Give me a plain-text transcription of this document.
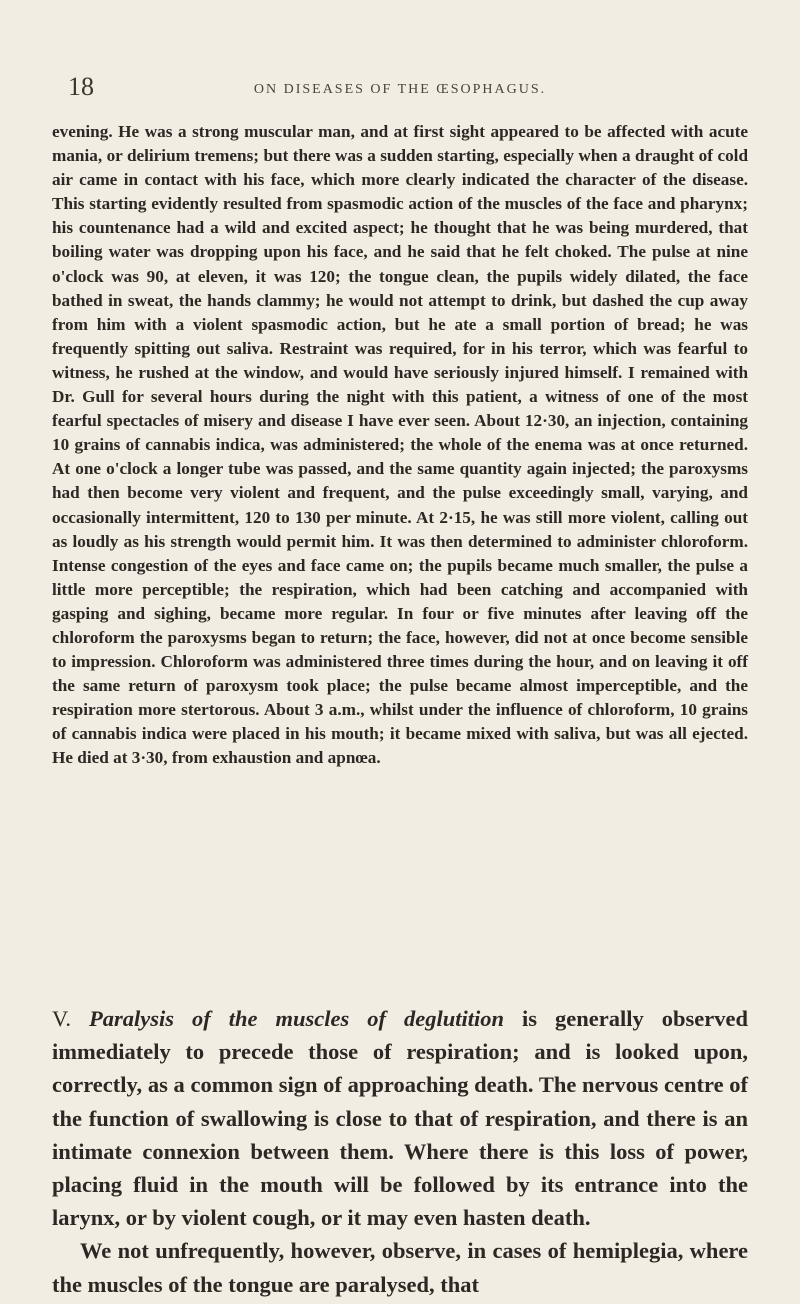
18	ON DISEASES OF THE ŒSOPHAGUS.

evening. He was a strong muscular man, and at first sight appeared to be affected with acute mania, or delirium tremens; but there was a sudden starting, especially when a draught of cold air came in contact with his face, which more clearly indicated the character of the disease. This starting evidently resulted from spasmodic action of the muscles of the face and pharynx; his countenance had a wild and excited aspect; he thought that he was being murdered, that boiling water was dropping upon his face, and he said that he felt choked. The pulse at nine o'clock was 90, at eleven, it was 120; the tongue clean, the pupils widely dilated, the face bathed in sweat, the hands clammy; he would not attempt to drink, but dashed the cup away from him with a violent spasmodic action, but he ate a small portion of bread; he was frequently spitting out saliva. Restraint was required, for in his terror, which was fearful to witness, he rushed at the window, and would have seriously injured himself. I remained with Dr. Gull for several hours during the night with this patient, a witness of one of the most fearful spectacles of misery and disease I have ever seen. About 12·30, an injection, containing 10 grains of cannabis indica, was administered; the whole of the enema was at once returned. At one o'clock a longer tube was passed, and the same quantity again injected; the paroxysms had then become very violent and frequent, and the pulse exceedingly small, varying, and occasionally intermittent, 120 to 130 per minute. At 2·15, he was still more violent, calling out as loudly as his strength would permit him. It was then determined to administer chloroform. Intense congestion of the eyes and face came on; the pupils became much smaller, the pulse a little more perceptible; the respiration, which had been catching and accompanied with gasping and sighing, became more regular. In four or five minutes after leaving off the chloroform the paroxysms began to return; the face, however, did not at once become sensible to impression. Chloroform was administered three times during the hour, and on leaving it off the same return of paroxysm took place; the pulse became almost imperceptible, and the respiration more stertorous. About 3 a.m., whilst under the influence of chloroform, 10 grains of cannabis indica were placed in his mouth; it became mixed with saliva, but was all ejected. He died at 3·30, from exhaustion and apnœa.

V. Paralysis of the muscles of deglutition is generally observed immediately to precede those of respiration; and is looked upon, correctly, as a common sign of approaching death. The nervous centre of the function of swallowing is close to that of respiration, and there is an intimate connexion between them. Where there is this loss of power, placing fluid in the mouth will be followed by its entrance into the larynx, or by violent cough, or it may even hasten death.

We not unfrequently, however, observe, in cases of hemiplegia, where the muscles of the tongue are paralysed, that
